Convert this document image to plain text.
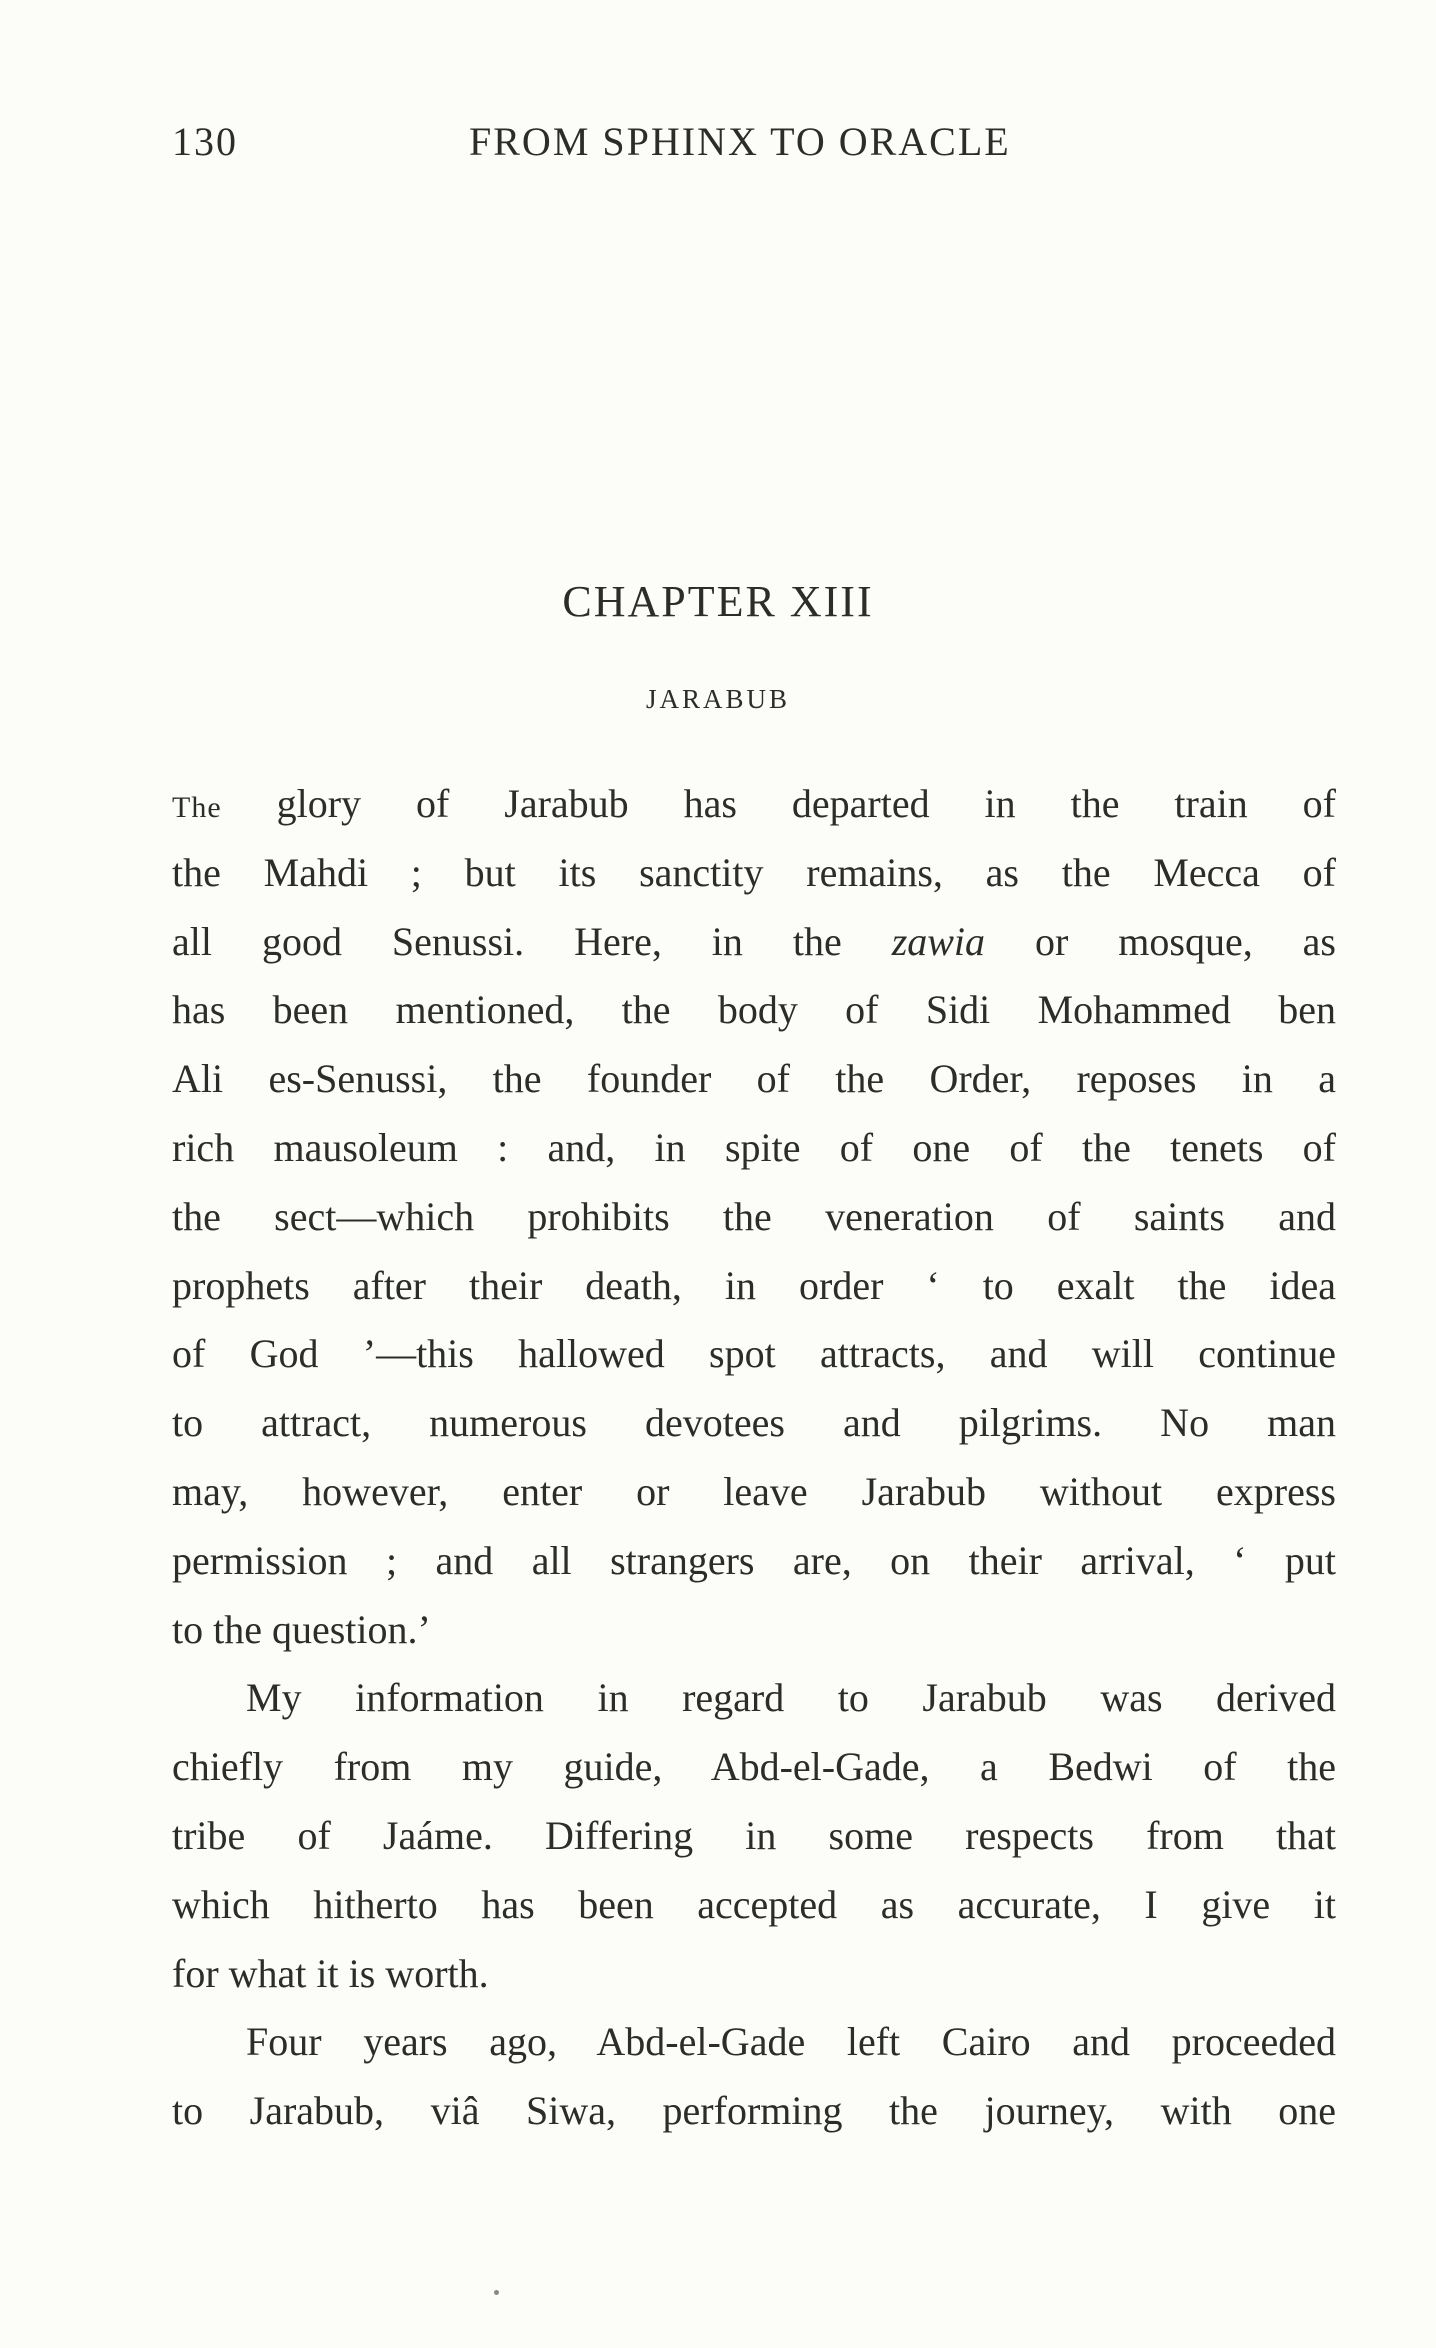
130	FROM SPHINX TO ORACLE
CHAPTER XIII
JARABUB
The glory of Jarabub has departed in the train of
the Mahdi ; but its sanctity remains, as the Mecca of
all good Senussi. Here, in the zawia or mosque, as
has been mentioned, the body of Sidi Mohammed ben
Ali es-Senussi, the founder of the Order, reposes in a
rich mausoleum : and, in spite of one of the tenets of
the sect—which prohibits the veneration of saints and
prophets after their death, in order ‘ to exalt the idea
of God ’—this hallowed spot attracts, and will continue
to attract, numerous devotees and pilgrims. No man
may, however, enter or leave Jarabub without express
permission ; and all strangers are, on their arrival, ‘ put
to the question.’
My information in regard to Jarabub was derived
chiefly from my guide, Abd-el-Gade, a Bedwi of the
tribe of Jaáme. Differing in some respects from that
which hitherto has been accepted as accurate, I give it
for what it is worth.
Four years ago, Abd-el-Gade left Cairo and proceeded
to Jarabub, viâ Siwa, performing the journey, with one
